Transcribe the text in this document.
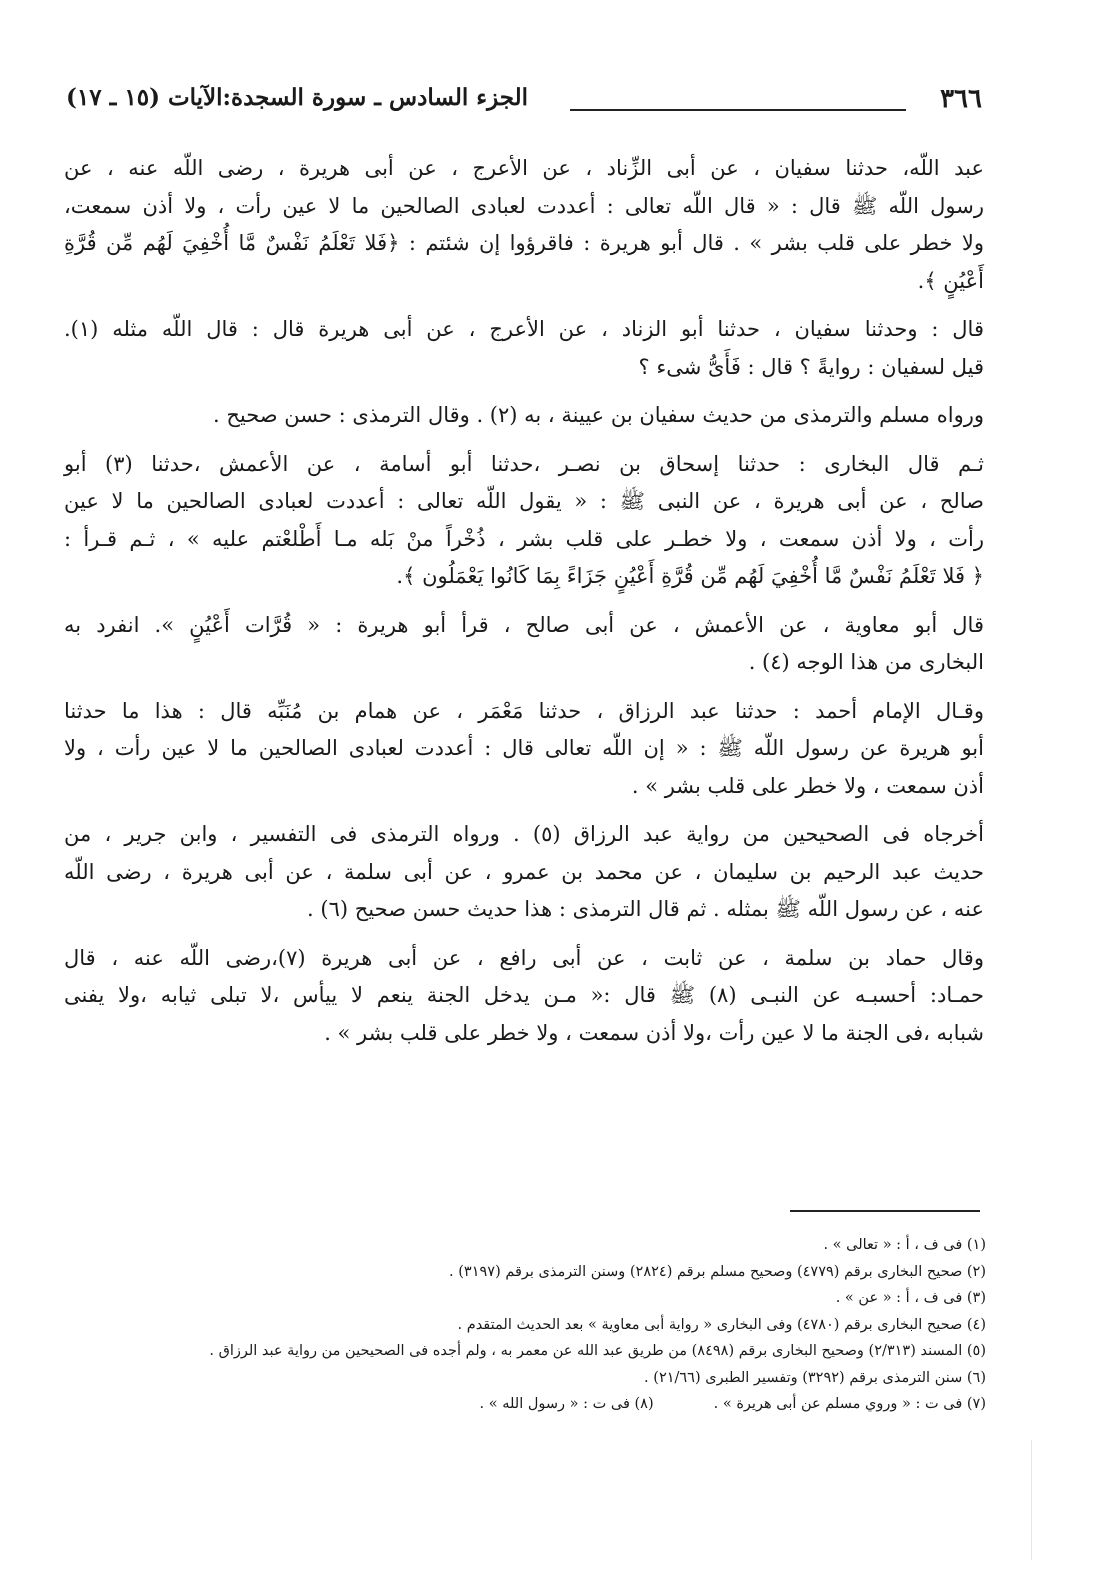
٣٦٦
الجزء السادس ـ سورة السجدة:الآيات (١٥ ـ ١٧)

عبد اللّه، حدثنا سفيان ، عن أبى الزِّناد ، عن الأعرج ، عن أبى هريرة ، رضى اللّه عنه ، عن
رسول اللّه ﷺ قال : « قال اللّه تعالى : أعددت لعبادى الصالحين ما لا عين رأت ، ولا أذن سمعت،
ولا خطر على قلب بشر » . قال أبو هريرة : فاقرؤوا إن شئتم : ﴿فَلا تَعْلَمُ نَفْسٌ مَّا أُخْفِيَ لَهُم مِّن قُرَّةِ
أَعْيُنٍ ﴾.

قال : وحدثنا سفيان ، حدثنا أبو الزناد ، عن الأعرج ، عن أبى هريرة قال : قال اللّه مثله (١).
قيل لسفيان : روايةً ؟ قال : فَأَىُّ شىء ؟

ورواه مسلم والترمذى من حديث سفيان بن عيينة ، به (٢) . وقال الترمذى : حسن صحيح .

ثـم قال البخارى : حدثنا إسحاق بن نصـر ،حدثنا أبو أسامة ، عن الأعمش ،حدثنا (٣) أبو
صالح ، عن أبى هريرة ، عن النبى ﷺ : « يقول اللّه تعالى : أعددت لعبادى الصالحين ما لا عين
رأت ، ولا أذن سمعت ، ولا خطـر على قلب بشر ، ذُخْراً منْ بَله مـا أَطْلعْتم عليه » ، ثـم قـرأ :
﴿ فَلا تَعْلَمُ نَفْسٌ مَّا أُخْفِيَ لَهُم مِّن قُرَّةِ أَعْيُنٍ جَزَاءً بِمَا كَانُوا يَعْمَلُون ﴾.

قال أبو معاوية ، عن الأعمش ، عن أبى صالح ، قرأ أبو هريرة : « قُرَّات أَعْيُنٍ ». انفرد به
البخارى من هذا الوجه (٤) .

وقـال الإمام أحمد : حدثنا عبد الرزاق ، حدثنا مَعْمَر ، عن همام بن مُنَبِّه قال : هذا ما حدثنا
أبو هريرة عن رسول اللّه ﷺ : « إن اللّه تعالى قال : أعددت لعبادى الصالحين ما لا عين رأت ، ولا
أذن سمعت ، ولا خطر على قلب بشر » .

أخرجاه فى الصحيحين من رواية عبد الرزاق (٥) . ورواه الترمذى فى التفسير ، وابن جرير ، من
حديث عبد الرحيم بن سليمان ، عن محمد بن عمرو ، عن أبى سلمة ، عن أبى هريرة ، رضى اللّه
عنه ، عن رسول اللّه ﷺ بمثله . ثم قال الترمذى : هذا حديث حسن صحيح (٦) .

وقال حماد بن سلمة ، عن ثابت ، عن أبى رافع ، عن أبى هريرة (٧)،رضى اللّه عنه ، قال
حمـاد: أحسبـه عن النبـى (٨) ﷺ قال :« مـن يدخل الجنة ينعم لا ييأس ،لا تبلى ثيابه ،ولا يفنى
شبابه ،فى الجنة ما لا عين رأت ،ولا أذن سمعت ، ولا خطر على قلب بشر » .

(١) فى ف ، أ : « تعالى » .
(٢) صحيح البخارى برقم (٤٧٧٩) وصحيح مسلم برقم (٢٨٢٤) وسنن الترمذى برقم (٣١٩٧) .
(٣) فى ف ، أ : « عن » .
(٤) صحيح البخارى برقم (٤٧٨٠) وفى البخارى « رواية أبى معاوية » بعد الحديث المتقدم .
(٥) المسند (٢/٣١٣) وصحيح البخارى برقم (٨٤٩٨) من طريق عبد الله عن معمر به ، ولم أجده فى الصحيحين من رواية عبد الرزاق .
(٦) سنن الترمذى برقم (٣٢٩٢) وتفسير الطبرى (٢١/٦٦) .
(٧) فى ت : « وروي مسلم عن أبى هريرة » .
(٨) فى ت : « رسول الله » .
